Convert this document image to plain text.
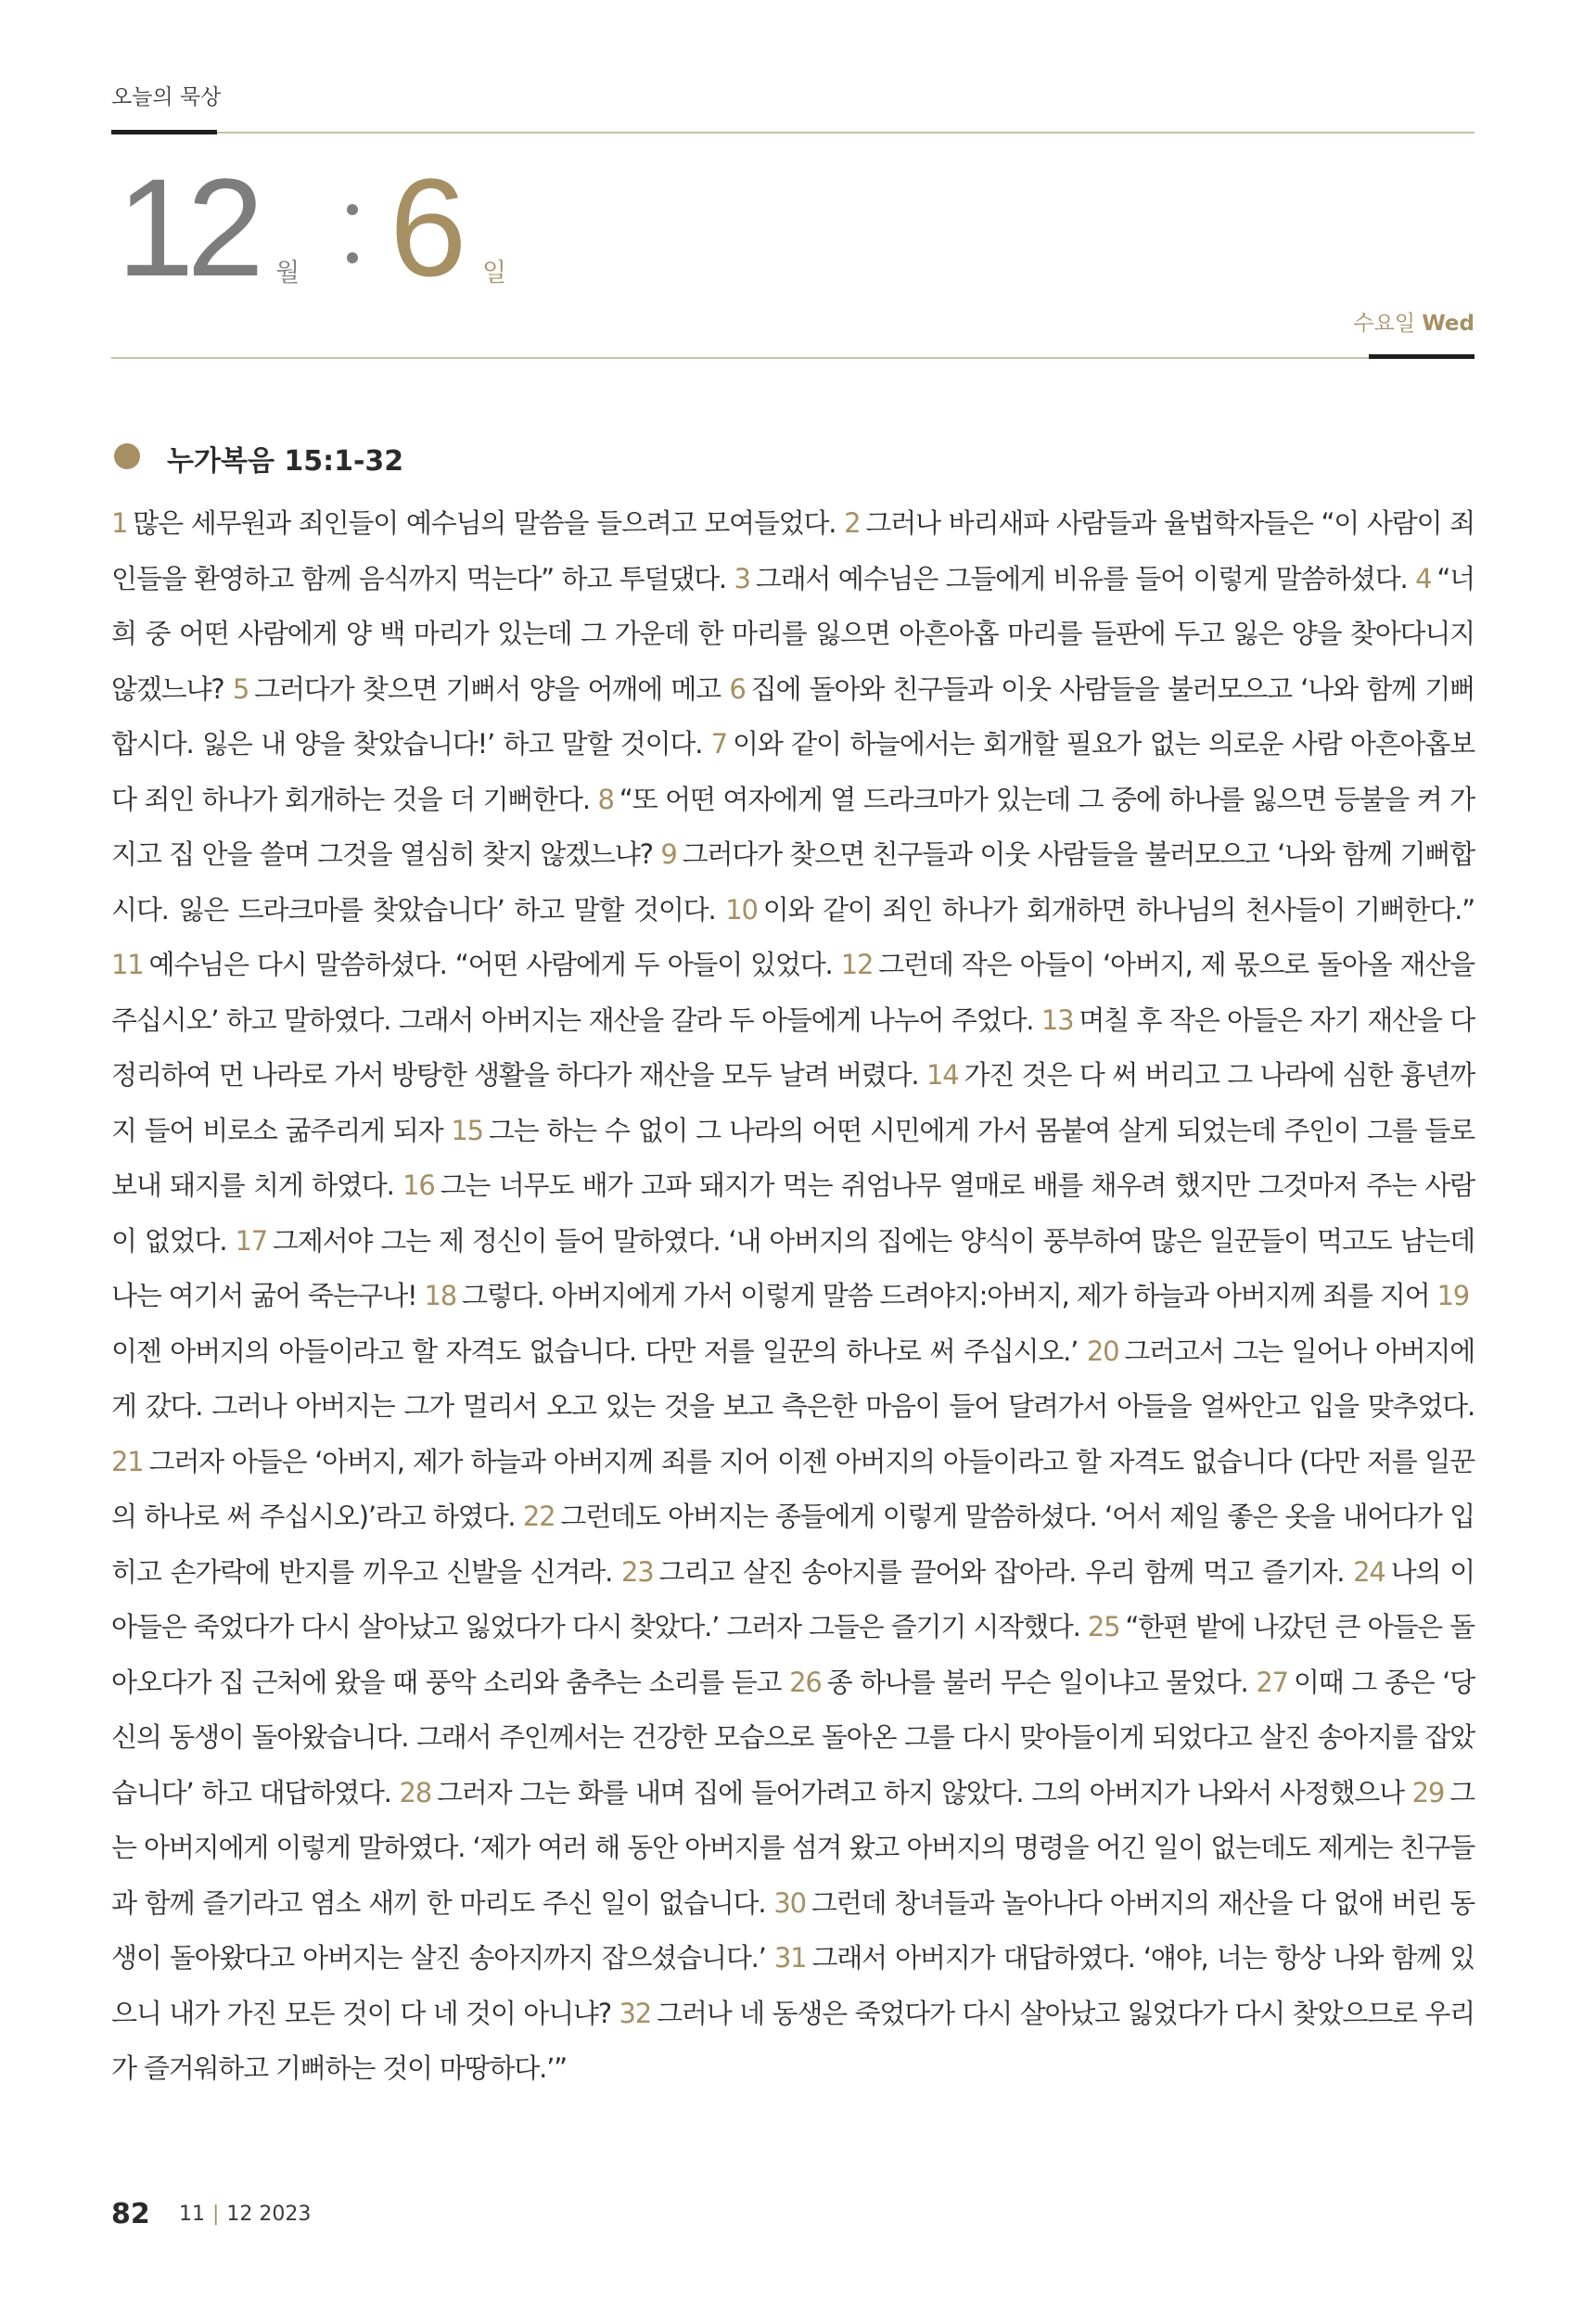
오늘의 묵상
12 월 6 일
수요일 Wed
누가복음 15:1-32
1 많은 세무원과 죄인들이 예수님의 말씀을 들으려고 모여들었다. 2 그러나 바리새파 사람들과 율법학자들은 “이 사람이 죄인들을 환영하고 함께 음식까지 먹는다” 하고 투덜댔다. 3 그래서 예수님은 그들에게 비유를 들어 이렇게 말씀하셨다. 4 “너희 중 어떤 사람에게 양 백 마리가 있는데 그 가운데 한 마리를 잃으면 아흔아홉 마리를 들판에 두고 잃은 양을 찾아다니지 않겠느냐? 5 그러다가 찾으면 기뻐서 양을 어깨에 메고 6 집에 돌아와 친구들과 이웃 사람들을 불러모으고 ‘나와 함께 기뻐합시다. 잃은 내 양을 찾았습니다!’ 하고 말할 것이다. 7 이와 같이 하늘에서는 회개할 필요가 없는 의로운 사람 아흔아홉보다 죄인 하나가 회개하는 것을 더 기뻐한다. 8 “또 어떤 여자에게 열 드라크마가 있는데 그 중에 하나를 잃으면 등불을 켜 가지고 집 안을 쓸며 그것을 열심히 찾지 않겠느냐? 9 그러다가 찾으면 친구들과 이웃 사람들을 불러모으고 ‘나와 함께 기뻐합시다. 잃은 드라크마를 찾았습니다’ 하고 말할 것이다. 10 이와 같이 죄인 하나가 회개하면 하나님의 천사들이 기뻐한다.” 11 예수님은 다시 말씀하셨다. “어떤 사람에게 두 아들이 있었다. 12 그런데 작은 아들이 ‘아버지, 제 몫으로 돌아올 재산을 주십시오’ 하고 말하였다. 그래서 아버지는 재산을 갈라 두 아들에게 나누어 주었다. 13 며칠 후 작은 아들은 자기 재산을 다 정리하여 먼 나라로 가서 방탕한 생활을 하다가 재산을 모두 날려 버렸다. 14 가진 것은 다 써 버리고 그 나라에 심한 흉년까지 들어 비로소 굶주리게 되자 15 그는 하는 수 없이 그 나라의 어떤 시민에게 가서 몸붙여 살게 되었는데 주인이 그를 들로 보내 돼지를 치게 하였다. 16 그는 너무도 배가 고파 돼지가 먹는 쥐엄나무 열매로 배를 채우려 했지만 그것마저 주는 사람이 없었다. 17 그제서야 그는 제 정신이 들어 말하였다. ‘내 아버지의 집에는 양식이 풍부하여 많은 일꾼들이 먹고도 남는데 나는 여기서 굶어 죽는구나! 18 그렇다. 아버지에게 가서 이렇게 말씀 드려야지:아버지, 제가 하늘과 아버지께 죄를 지어 19이젠 아버지의 아들이라고 할 자격도 없습니다. 다만 저를 일꾼의 하나로 써 주십시오.’ 20 그러고서 그는 일어나 아버지에게 갔다. 그러나 아버지는 그가 멀리서 오고 있는 것을 보고 측은한 마음이 들어 달려가서 아들을 얼싸안고 입을 맞추었다. 21 그러자 아들은 ‘아버지, 제가 하늘과 아버지께 죄를 지어 이젠 아버지의 아들이라고 할 자격도 없습니다 (다만 저를 일꾼의 하나로 써 주십시오)’라고 하였다. 22 그런데도 아버지는 종들에게 이렇게 말씀하셨다. ‘어서 제일 좋은 옷을 내어다가 입히고 손가락에 반지를 끼우고 신발을 신겨라. 23 그리고 살진 송아지를 끌어와 잡아라. 우리 함께 먹고 즐기자. 24 나의 이 아들은 죽었다가 다시 살아났고 잃었다가 다시 찾았다.’ 그러자 그들은 즐기기 시작했다. 25 “한편 밭에 나갔던 큰 아들은 돌아오다가 집 근처에 왔을 때 풍악 소리와 춤추는 소리를 듣고 26 종 하나를 불러 무슨 일이냐고 물었다. 27 이때 그 종은 ‘당신의 동생이 돌아왔습니다. 그래서 주인께서는 건강한 모습으로 돌아온 그를 다시 맞아들이게 되었다고 살진 송아지를 잡았습니다’ 하고 대답하였다. 28 그러자 그는 화를 내며 집에 들어가려고 하지 않았다. 그의 아버지가 나와서 사정했으나 29 그는 아버지에게 이렇게 말하였다. ‘제가 여러 해 동안 아버지를 섬겨 왔고 아버지의 명령을 어긴 일이 없는데도 제게는 친구들과 함께 즐기라고 염소 새끼 한 마리도 주신 일이 없습니다. 30 그런데 창녀들과 놀아나다 아버지의 재산을 다 없애 버린 동생이 돌아왔다고 아버지는 살진 송아지까지 잡으셨습니다.’ 31 그래서 아버지가 대답하였다. ‘얘야, 너는 항상 나와 함께 있으니 내가 가진 모든 것이 다 네 것이 아니냐? 32 그러나 네 동생은 죽었다가 다시 살아났고 잃었다가 다시 찾았으므로 우리가 즐거워하고 기뻐하는 것이 마땅하다.’”
82 11 | 12 2023
